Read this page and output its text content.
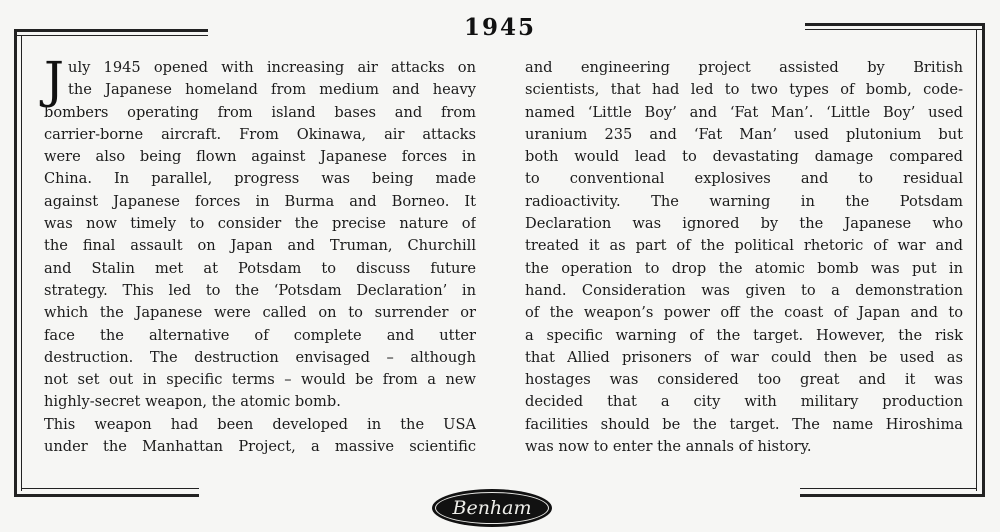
1945
J uly 1945 opened with increasing air attacks on
the Japanese homeland from medium and heavy
bombers operating from island bases and from
carrier-borne aircraft. From Okinawa, air attacks
were also being flown against Japanese forces in
China. In parallel, progress was being made
against Japanese forces in Burma and Borneo. It
was now timely to consider the precise nature of
the final assault on Japan and Truman, Churchill
and Stalin met at Potsdam to discuss future
strategy. This led to the ‘Potsdam Declaration’ in
which the Japanese were called on to surrender or
face the alternative of complete and utter
destruction. The destruction envisaged – although
not set out in specific terms – would be from a new
highly-secret weapon, the atomic bomb.
This weapon had been developed in the USA
under the Manhattan Project, a massive scientific
and engineering project assisted by British
scientists, that had led to two types of bomb, code-
named ‘Little Boy’ and ‘Fat Man’. ‘Little Boy’ used
uranium 235 and ‘Fat Man’ used plutonium but
both would lead to devastating damage compared
to conventional explosives and to residual
radioactivity. The warning in the Potsdam
Declaration was ignored by the Japanese who
treated it as part of the political rhetoric of war and
the operation to drop the atomic bomb was put in
hand. Consideration was given to a demonstration
of the weapon’s power off the coast of Japan and to
a specific warning of the target. However, the risk
that Allied prisoners of war could then be used as
hostages was considered too great and it was
decided that a city with military production
facilities should be the target. The name Hiroshima
was now to enter the annals of history.
Benham
